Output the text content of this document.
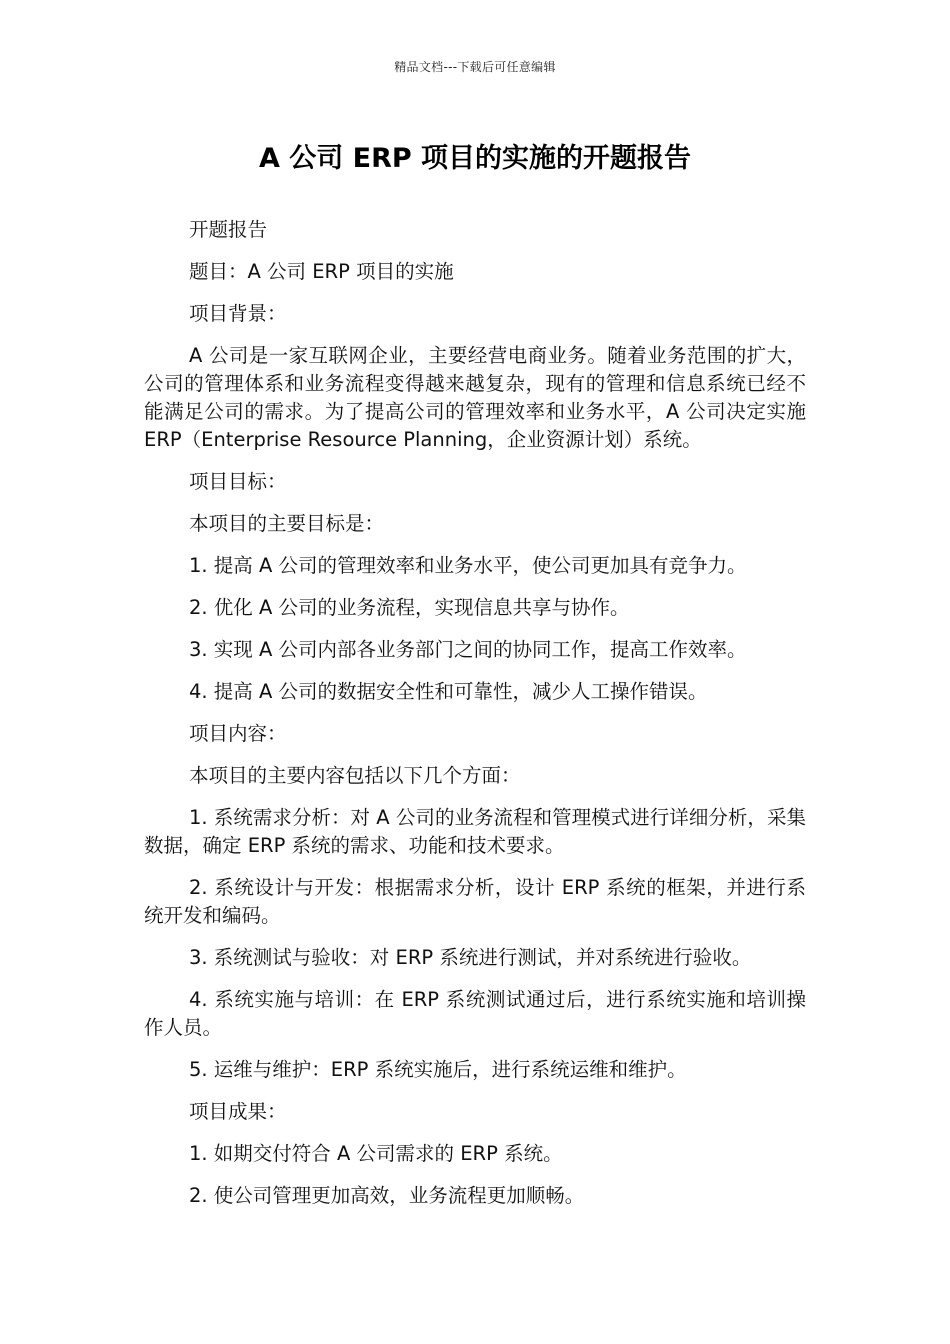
精品文档---下载后可任意编辑
A 公司 ERP 项目的实施的开题报告

开题报告

题目：A 公司 ERP 项目的实施

项目背景：

A 公司是一家互联网企业，主要经营电商业务。随着业务范围的扩大，公司的管理体系和业务流程变得越来越复杂，现有的管理和信息系统已经不能满足公司的需求。为了提高公司的管理效率和业务水平，A 公司决定实施 ERP（Enterprise Resource Planning，企业资源计划）系统。

项目目标：

本项目的主要目标是：

1. 提高 A 公司的管理效率和业务水平，使公司更加具有竞争力。

2. 优化 A 公司的业务流程，实现信息共享与协作。

3. 实现 A 公司内部各业务部门之间的协同工作，提高工作效率。

4. 提高 A 公司的数据安全性和可靠性，减少人工操作错误。

项目内容：

本项目的主要内容包括以下几个方面：

1. 系统需求分析：对 A 公司的业务流程和管理模式进行详细分析，采集数据，确定 ERP 系统的需求、功能和技术要求。

2. 系统设计与开发：根据需求分析，设计 ERP 系统的框架，并进行系统开发和编码。

3. 系统测试与验收：对 ERP 系统进行测试，并对系统进行验收。

4. 系统实施与培训：在 ERP 系统测试通过后，进行系统实施和培训操作人员。

5. 运维与维护：ERP 系统实施后，进行系统运维和维护。

项目成果：

1. 如期交付符合 A 公司需求的 ERP 系统。

2. 使公司管理更加高效，业务流程更加顺畅。
